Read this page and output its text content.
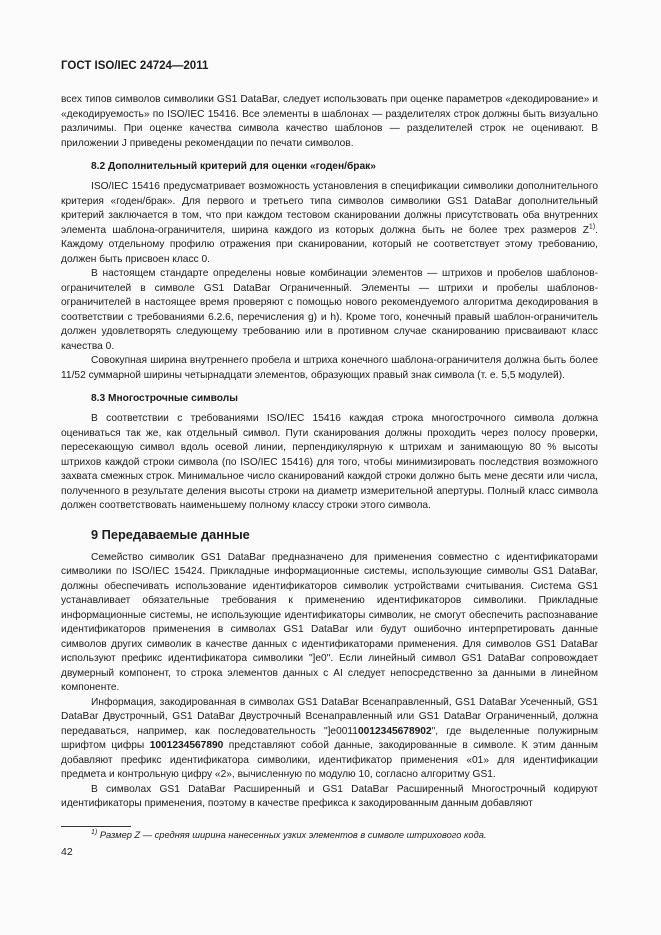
ГОСТ ISO/IEC 24724—2011

всех типов символов символики GS1 DataBar, следует использовать при оценке параметров «декодирование» и «декодируемость» по ISO/IEC 15416. Все элементы в шаблонах — разделителях строк должны быть визуально различимы. При оценке качества символа качество шаблонов — разделителей строк не оценивают. В приложении J приведены рекомендации по печати символов.

8.2 Дополнительный критерий для оценки «годен/брак»

ISO/IEC 15416 предусматривает возможность установления в спецификации символики дополнительного критерия «годен/брак». Для первого и третьего типа символов символики GS1 DataBar дополнительный критерий заключается в том, что при каждом тестовом сканировании должны присутствовать оба внутренних элемента шаблона-ограничителя, ширина каждого из которых должна быть не более трех размеров $Z^{1)}$. Каждому отдельному профилю отражения при сканировании, который не соответствует этому требованию, должен быть присвоен класс 0.

В настоящем стандарте определены новые комбинации элементов — штрихов и пробелов шаблонов-ограничителей в символе GS1 DataBar Ограниченный. Элементы — штрихи и пробелы шаблонов-ограничителей в настоящее время проверяют с помощью нового рекомендуемого алгоритма декодирования в соответствии с требованиями 6.2.6, перечисления g) и h). Кроме того, конечный правый шаблон-ограничитель должен удовлетворять следующему требованию или в противном случае сканированию присваивают класс качества 0.

Совокупная ширина внутреннего пробела и штриха конечного шаблона-ограничителя должна быть более 11/52 суммарной ширины четырнадцати элементов, образующих правый знак символа (т. е. 5,5 модулей).

8.3 Многострочные символы

В соответствии с требованиями ISO/IEC 15416 каждая строка многострочного символа должна оцениваться так же, как отдельный символ. Пути сканирования должны проходить через полосу проверки, пересекающую символ вдоль осевой линии, перпендикулярную к штрихам и занимающую 80 % высоты штрихов каждой строки символа (по ISO/IEC 15416) для того, чтобы минимизировать последствия возможного захвата смежных строк. Минимальное число сканирований каждой строки должно быть мене десяти или числа, полученного в результате деления высоты строки на диаметр измерительной апертуры. Полный класс символа должен соответствовать наименьшему полному классу строки этого символа.

9 Передаваемые данные

Семейство символик GS1 DataBar предназначено для применения совместно с идентификаторами символики по ISO/IEC 15424. Прикладные информационные системы, использующие символы GS1 DataBar, должны обеспечивать использование идентификаторов символик устройствами считывания. Система GS1 устанавливает обязательные требования к применению идентификаторов символики. Прикладные информационные системы, не использующие идентификаторы символик, не смогут обеспечить распознавание идентификаторов применения в символах GS1 DataBar или будут ошибочно интерпретировать данные символов других символик в качестве данных с идентификаторами применения. Для символов GS1 DataBar используют префикс идентификатора символики "]e0". Если линейный символ GS1 DataBar сопровождает двумерный компонент, то строка элементов данных с AI следует непосредственно за данными в линейном компоненте.

Информация, закодированная в символах GS1 DataBar Всенаправленный, GS1 DataBar Усеченный, GS1 DataBar Двустрочный, GS1 DataBar Двустрочный Всенаправленный или GS1 DataBar Ограниченный, должна передаваться, например, как последовательность "]e00110012345678902", где выделенные полужирным шрифтом цифры 1001234567890 представляют собой данные, закодированные в символе. К этим данным добавляют префикс идентификатора символики, идентификатор применения «01» для идентификации предмета и контрольную цифру «2», вычисленную по модулю 10, согласно алгоритму GS1.

В символах GS1 DataBar Расширенный и GS1 DataBar Расширенный Многострочный кодируют идентификаторы применения, поэтому в качестве префикса к закодированным данным добавляют

$^{1)}$ Размер Z — средняя ширина нанесенных узких элементов в символе штрихового кода.
42
